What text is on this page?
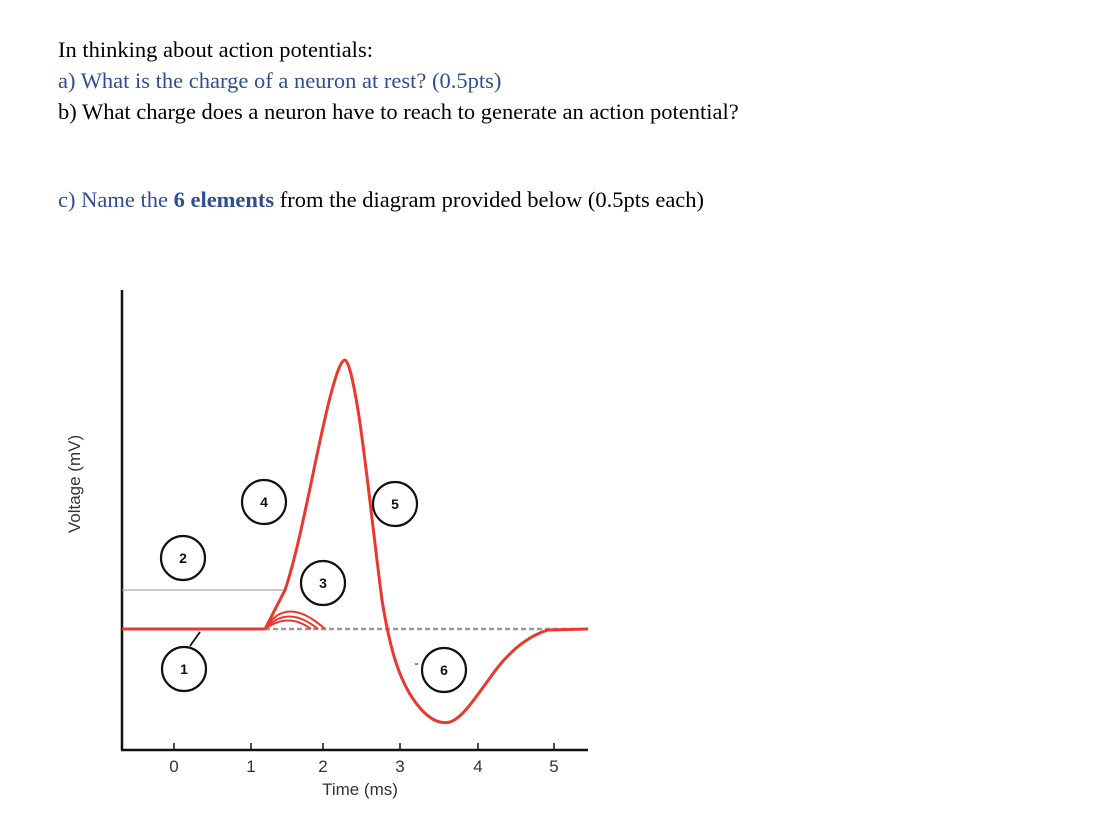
In thinking about action potentials:

a) What is the charge of a neuron at rest? (0.5pts)

b) What charge does a neuron have to reach to generate an action potential?

c) Name the 6 elements from the diagram provided below (0.5pts each)
Voltage (mV)
0	1	2	3	4	5
Time (ms)
1
2
3
4	5
6
